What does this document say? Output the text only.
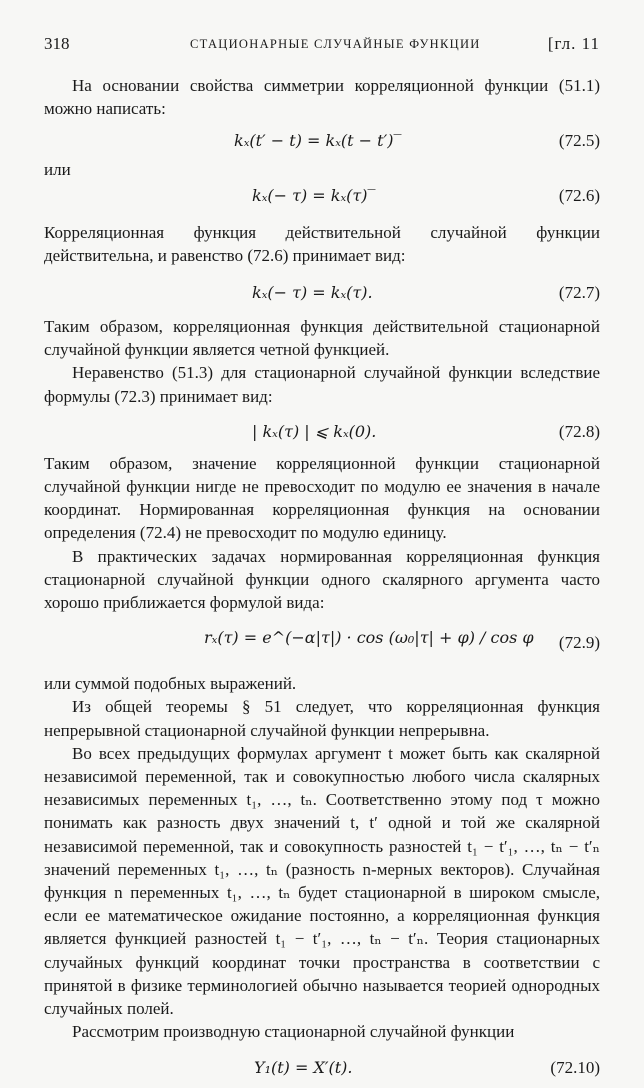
318	СТАЦИОНАРНЫЕ СЛУЧАЙНЫЕ ФУНКЦИИ	[гл. 11

На основании свойства симметрии корреляционной функции (51.1) можно написать:

kₓ(t′ − t) = kₓ(t − t′)‾	(72.5)

или

kₓ(− τ) = kₓ(τ)‾	(72.6)

Корреляционная функция действительной случайной функции действительна, и равенство (72.6) принимает вид:

kₓ(− τ) = kₓ(τ).	(72.7)

Таким образом, корреляционная функция действительной стационарной случайной функции является четной функцией.

Неравенство (51.3) для стационарной случайной функции вследствие формулы (72.3) принимает вид:

| kₓ(τ) | ⩽ kₓ(0).	(72.8)

Таким образом, значение корреляционной функции стационарной случайной функции нигде не превосходит по модулю ее значения в начале координат. Нормированная корреляционная функция на основании определения (72.4) не превосходит по модулю единицу.

В практических задачах нормированная корреляционная функция стационарной случайной функции одного скалярного аргумента часто хорошо приближается формулой вида:

rₓ(τ) = e^(−α|τ|) · cos (ω₀|τ| + φ) / cos φ (72.9)

или суммой подобных выражений.

Из общей теоремы § 51 следует, что корреляционная функция непрерывной стационарной случайной функции непрерывна.

Во всех предыдущих формулах аргумент t может быть как скалярной независимой переменной, так и совокупностью любого числа скалярных независимых переменных t₁, …, tₙ. Соответственно этому под τ можно понимать как разность двух значений t, t′ одной и той же скалярной независимой переменной, так и совокупность разностей t₁ − t′₁, …, tₙ − t′ₙ значений переменных t₁, …, tₙ (разность n-мерных векторов). Случайная функция n переменных t₁, …, tₙ будет стационарной в широком смысле, если ее математическое ожидание постоянно, а корреляционная функция является функцией разностей t₁ − t′₁, …, tₙ − t′ₙ. Теория стационарных случайных функций координат точки пространства в соответствии с принятой в физике терминологией обычно называется теорией однородных случайных полей.

Рассмотрим производную стационарной случайной функции

Y₁(t) = X′(t).	(72.10)
